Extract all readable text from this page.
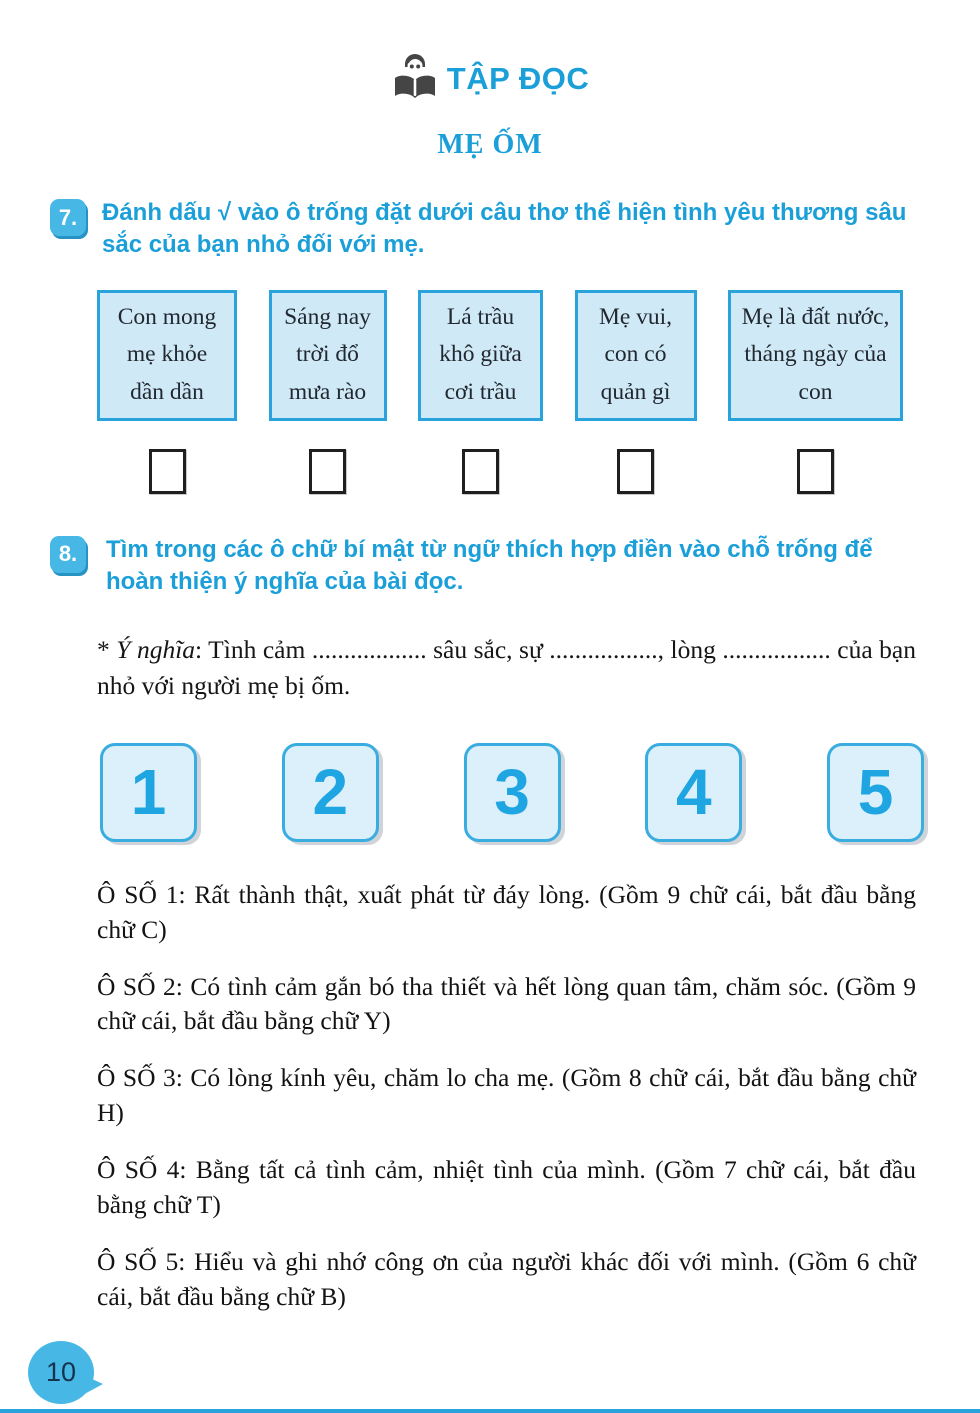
TẬP ĐỌC
MẸ ỐM
7.	Đánh dấu √ vào ô trống đặt dưới câu thơ thể hiện tình yêu thương sâu sắc của bạn nhỏ đối với mẹ.
Con mong mẹ khỏe dần dần
Sáng nay trời đổ mưa rào
Lá trầu khô giữa cơi trầu
Mẹ vui, con có quản gì
Mẹ là đất nước, tháng ngày của con
8.	Tìm trong các ô chữ bí mật từ ngữ thích hợp điền vào chỗ trống để hoàn thiện ý nghĩa của bài đọc.

* Ý nghĩa: Tình cảm .................. sâu sắc, sự ................., lòng ................. của bạn nhỏ với người mẹ bị ốm.

1	2	3	4	5

Ô SỐ 1: Rất thành thật, xuất phát từ đáy lòng. (Gồm 9 chữ cái, bắt đầu bằng chữ C)

Ô SỐ 2: Có tình cảm gắn bó tha thiết và hết lòng quan tâm, chăm sóc. (Gồm 9 chữ cái, bắt đầu bằng chữ Y)

Ô SỐ 3: Có lòng kính yêu, chăm lo cha mẹ. (Gồm 8 chữ cái, bắt đầu bằng chữ H)

Ô SỐ 4: Bằng tất cả tình cảm, nhiệt tình của mình. (Gồm 7 chữ cái, bắt đầu bằng chữ T)

Ô SỐ 5: Hiểu và ghi nhớ công ơn của người khác đối với mình. (Gồm 6 chữ cái, bắt đầu bằng chữ B)

10
